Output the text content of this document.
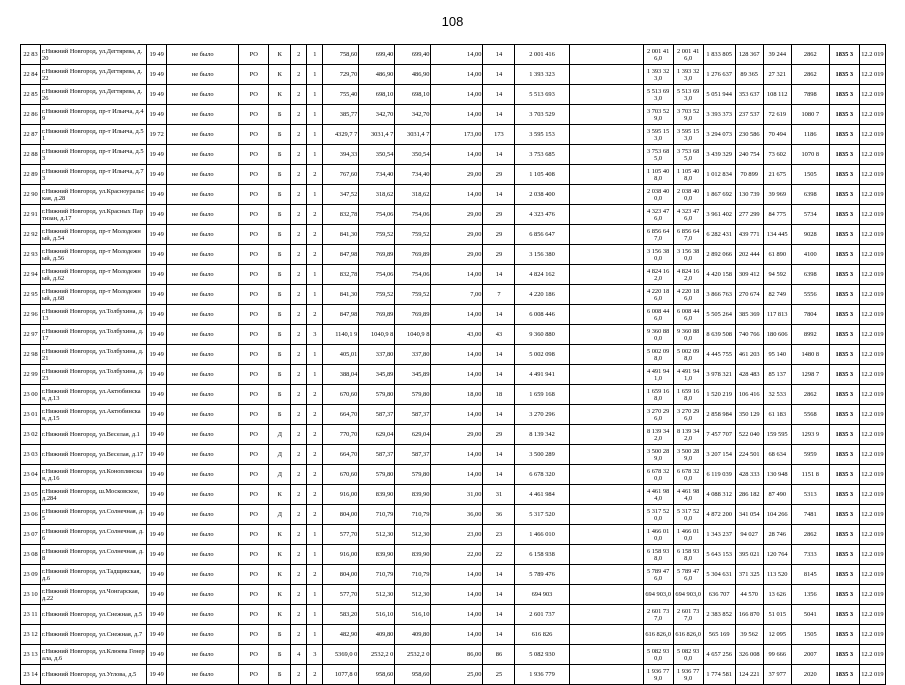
108
22 83	г.Нижний Новгород, ул.Дегтярева, д.20	19 49	не было	РО	К	2	1	758,60	699,40	699,40	14,00	14	2 001 416		2 001 416,0	2 001 416,0	1 833 805	128 367	39 244	2862	1835 3	12.2 019
22 84	г.Нижний Новгород, ул.Дегтярева, д.22	19 49	не было	РО	К	2	1	729,70	486,90	486,90	14,00	14	1 393 323		1 393 323,0	1 393 323,0	1 276 637	89 365	27 321	2862	1835 3	12.2 019
22 85	г.Нижний Новгород, ул.Дегтярева, д.26	19 49	не было	РО	К	2	1	755,40	698,10	698,10	14,00	14	5 513 693		5 513 693,0	5 513 693,0	5 051 944	353 637	108 112	7898	1835 3	12.2 019
22 86	г.Нижний Новгород, пр-т Ильича, д.49	19 49	не было	РО	Б	2	1	385,77	342,70	342,70	14,00	14	3 703 529		3 703 529,0	3 703 529,0	3 393 373	237 537	72 619	1080 7	1835 3	12.2 019
22 87	г.Нижний Новгород, пр-т Ильича, д.51	19 72	не было	РО	Б	2	1	4329,7 7	3031,4 7	3031,4 7	173,00	173	3 595 153		3 595 153,0	3 595 153,0	3 294 073	230 586	70 494	1186	1835 3	12.2 019
22 88	г.Нижний Новгород, пр-т Ильича, д.53	19 49	не было	РО	Б	2	1	394,33	350,54	350,54	14,00	14	3 753 685		3 753 685,0	3 753 685,0	3 439 329	240 754	73 602	1070 8	1835 3	12.2 019
22 89	г.Нижний Новгород, пр-т Ильича, д.73	19 49	не было	РО	Б	2	2	767,60	734,40	734,40	29,00	29	1 105 408		1 105 408,0	1 105 408,0	1 012 834	70 899	21 675	1505	1835 3	12.2 019
22 90	г.Нижний Новгород, ул.Красноуральская, д.28	19 49	не было	РО	Б	2	1	347,52	318,62	318,62	14,00	14	2 038 400		2 038 400,0	2 038 400,0	1 867 692	130 739	39 969	6398	1835 3	12.2 019
22 91	г.Нижний Новгород, ул.Красных Партизан, д.17	19 49	не было	РО	Б	2	2	832,78	754,06	754,06	29,00	29	4 323 476		4 323 476,0	4 323 476,0	3 961 402	277 299	84 775	5734	1835 3	12.2 019
22 92	г.Нижний Новгород, пр-т Молодежный, д.54	19 49	не было	РО	Б	2	2	841,30	759,52	759,52	29,00	29	6 856 647		6 856 647,0	6 856 647,0	6 282 431	439 771	134 445	9028	1835 3	12.2 019
22 93	г.Нижний Новгород, пр-т Молодежный, д.56	19 49	не было	РО	Б	2	2	847,98	769,89	769,89	29,00	29	3 156 380		3 156 380,0	3 156 380,0	2 892 066	202 444	61 890	4100	1835 3	12.2 019
22 94	г.Нижний Новгород, пр-т Молодежный, д.62	19 49	не было	РО	Б	2	1	832,78	754,06	754,06	14,00	14	4 824 162		4 824 162,0	4 824 162,0	4 420 158	309 412	94 592	6398	1835 3	12.2 019
22 95	г.Нижний Новгород, пр-т Молодежный, д.68	19 49	не было	РО	Б	2	1	841,30	759,52	759,52	7,00	7	4 220 186		4 220 186,0	4 220 186,0	3 866 763	270 674	82 749	5556	1835 3	12.2 019
22 96	г.Нижний Новгород, ул.Толбухина, д.13	19 49	не было	РО	Б	2	2	847,98	769,89	769,89	14,00	14	6 008 446		6 008 446,0	6 008 446,0	5 505 264	385 369	117 813	7804	1835 3	12.2 019
22 97	г.Нижний Новгород, ул.Толбухина, д.17	19 49	не было	РО	Б	2	3	1140,1 9	1040,9 8	1040,9 8	43,00	43	9 360 880		9 360 880,0	9 360 880,0	8 639 508	740 766	180 606	8992	1835 3	12.2 019
22 98	г.Нижний Новгород, ул.Толбухина, д.21	19 49	не было	РО	Б	2	1	405,01	337,80	337,80	14,00	14	5 002 098		5 002 098,0	5 002 098,0	4 445 755	461 203	95 140	1480 8	1835 3	12.2 019
22 99	г.Нижний Новгород, ул.Толбухина, д.23	19 49	не было	РО	Б	2	1	388,04	345,89	345,89	14,00	14	4 491 941		4 491 941,0	4 491 941,0	3 978 321	428 483	85 137	1298 7	1835 3	12.2 019
23 00	г.Нижний Новгород, ул.Актюбинская, д.13	19 49	не было	РО	Б	2	2	670,60	579,80	579,80	18,00	18	1 659 168		1 659 168,0	1 659 168,0	1 520 219	106 416	32 533	2862	1835 3	12.2 019
23 01	г.Нижний Новгород, ул.Актюбинская, д.15	19 49	не было	РО	Б	2	2	664,70	587,37	587,37	14,00	14	3 270 296		3 270 296,0	3 270 296,0	2 858 984	350 129	61 183	5568	1835 3	12.2 019
23 02	г.Нижний Новгород, ул.Веселая, д.1	19 49	не было	РО	Д	2	2	770,70	629,04	629,04	29,00	29	8 139 342		8 139 342,0	8 139 342,0	7 457 707	522 040	159 595	1293 9	1835 3	12.2 019
23 03	г.Нижний Новгород, ул.Веселая, д.17	19 49	не было	РО	Д	2	2	664,70	587,37	587,37	14,00	14	3 500 289		3 500 289,0	3 500 289,0	3 207 154	224 501	68 634	5959	1835 3	12.2 019
23 04	г.Нижний Новгород, ул.Коноплянская, д.16	19 49	не было	РО	Д	2	2	670,60	579,80	579,80	14,00	14	6 678 320		6 678 320,0	6 678 320,0	6 119 039	428 333	130 948	1151 8	1835 3	12.2 019
23 05	г.Нижний Новгород, ш.Московское, д.284	19 49	не было	РО	К	2	2	916,00	839,90	839,90	31,00	31	4 461 984		4 461 984,0	4 461 984,0	4 088 312	286 182	87 490	5313	1835 3	12.2 019
23 06	г.Нижний Новгород, ул.Солнечная, д.5	19 49	не было	РО	Д	2	2	804,00	710,79	710,79	36,00	36	5 317 520		5 317 520,0	5 317 520,0	4 872 200	341 054	104 266	7481	1835 3	12.2 019
23 07	г.Нижний Новгород, ул.Солнечная, д.6	19 49	не было	РО	К	2	1	577,70	512,30	512,30	23,00	23	1 466 010		1 466 010,0	1 466 010,0	1 343 237	94 027	28 746	2862	1835 3	12.2 019
23 08	г.Нижний Новгород, ул.Солнечная, д.8	19 49	не было	РО	К	2	1	916,00	839,90	839,90	22,00	22	6 158 938		6 158 938,0	6 158 938,0	5 643 153	395 021	120 764	7333	1835 3	12.2 019
23 09	г.Нижний Новгород, ул.Тадщикская, д.6	19 49	не было	РО	К	2	2	804,00	710,79	710,79	14,00	14	5 789 476		5 789 476,0	5 789 476,0	5 304 631	371 325	113 520	8145	1835 3	12.2 019
23 10	г.Нижний Новгород, ул.Чонгарская, д.22	19 49	не было	РО	К	2	1	577,70	512,30	512,30	14,00	14	694 903		694 903,0	694 903,0	636 707	44 570	13 626	1356	1835 3	12.2 019
23 11	г.Нижний Новгород, ул.Снежная, д.5	19 49	не было	РО	К	2	1	583,20	516,10	516,10	14,00	14	2 601 737		2 601 737,0	2 601 737,0	2 383 852	166 870	51 015	5041	1835 3	12.2 019
23 12	г.Нижний Новгород, ул.Снежная, д.7	19 49	не было	РО	Б	2	1	482,90	409,80	409,80	14,00	14	616 826		616 826,0	616 826,0	565 169	39 562	12 095	1505	1835 3	12.2 019
23 13	г.Нижний Новгород, ул.Клюева Генерала, д.6	19 49	не было	РО	Б	4	3	5369,0 0	2532,2 0	2532,2 0	86,00	86	5 082 930		5 082 930,0	5 082 930,0	4 657 256	326 008	99 666	2007	1835 3	12.2 019
23 14	г.Нижний Новгород, ул.Углова, д.5	19 49	не было	РО	Б	2	2	1077,8 0	958,60	958,60	25,00	25	1 936 779		1 936 779,0	1 936 779,0	1 774 581	124 221	37 977	2020	1835 3	12.2 019
